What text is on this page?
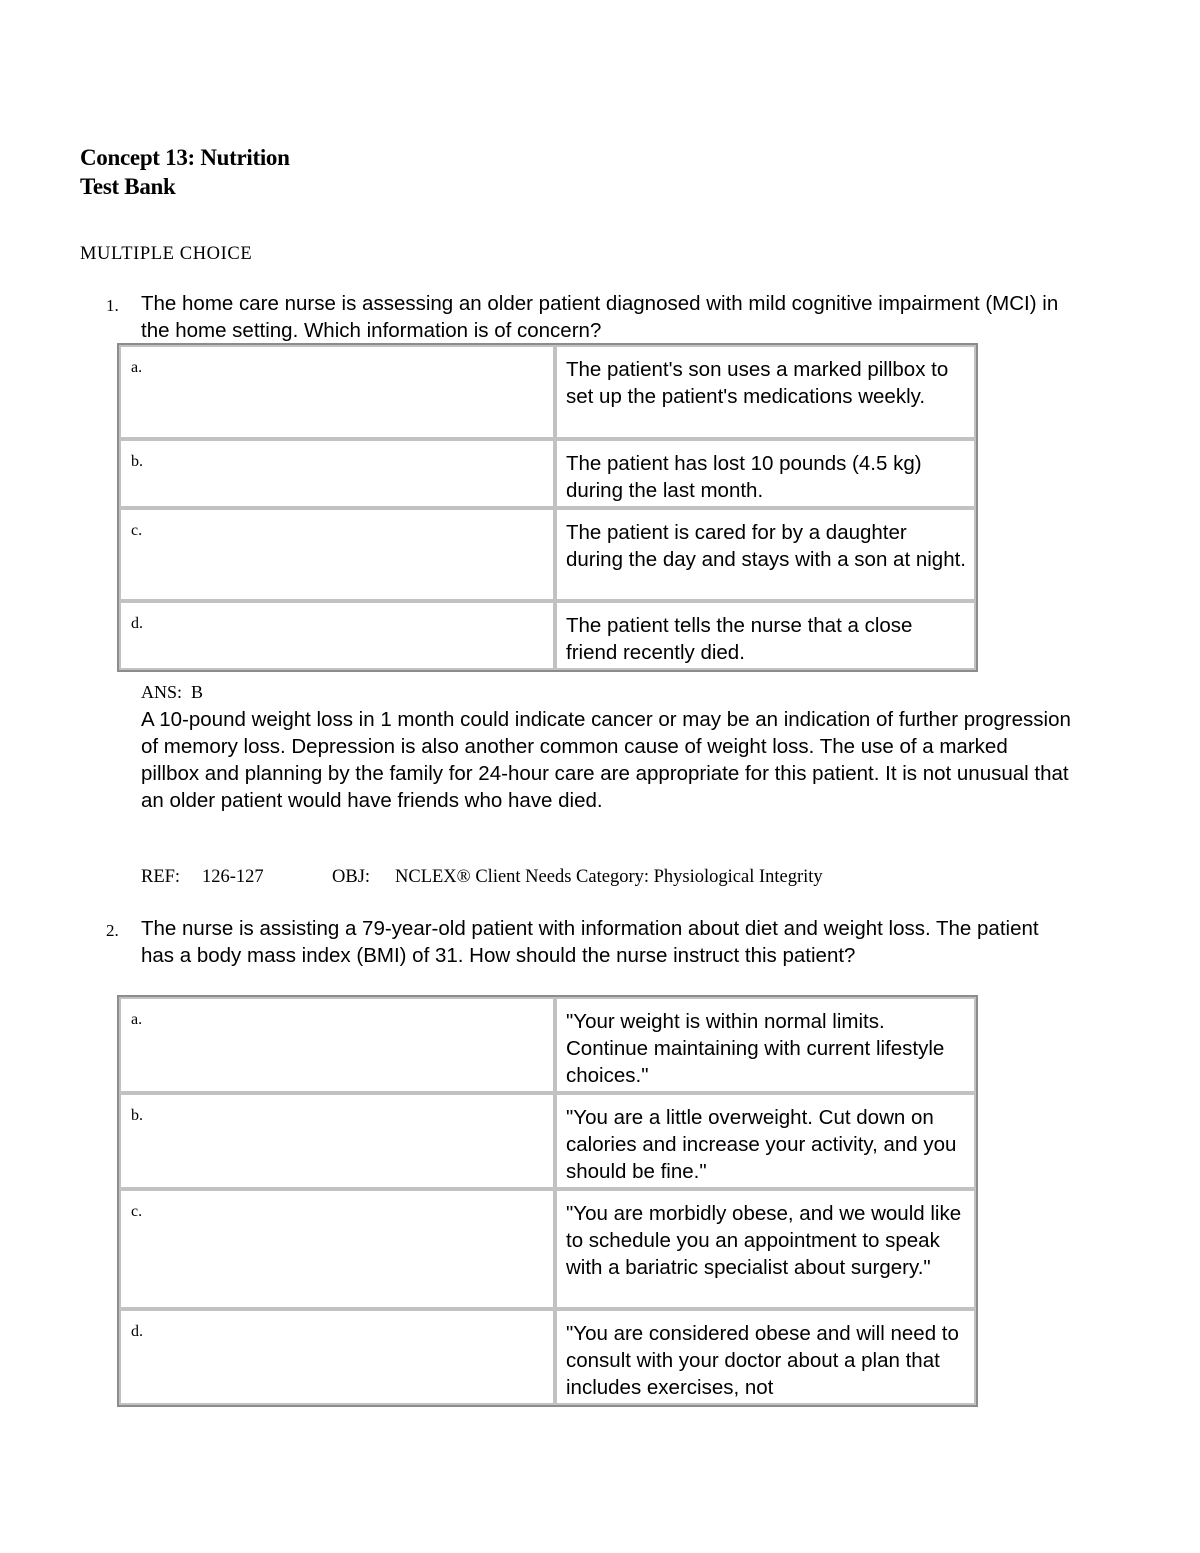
Concept 13: Nutrition
Test Bank
MULTIPLE CHOICE
1. The home care nurse is assessing an older patient diagnosed with mild cognitive impairment (MCI) in the home setting. Which information is of concern?
a.	The patient's son uses a marked pillbox to set up the patient's medications weekly.
b.	The patient has lost 10 pounds (4.5 kg) during the last month.
c.	The patient is cared for by a daughter during the day and stays with a son at night.
d.	The patient tells the nurse that a close friend recently died.
ANS: B
A 10-pound weight loss in 1 month could indicate cancer or may be an indication of further progression of memory loss. Depression is also another common cause of weight loss. The use of a marked pillbox and planning by the family for 24-hour care are appropriate for this patient. It is not unusual that an older patient would have friends who have died.
REF: 126-127	OBJ: NCLEX® Client Needs Category: Physiological Integrity
2. The nurse is assisting a 79-year-old patient with information about diet and weight loss. The patient has a body mass index (BMI) of 31. How should the nurse instruct this patient?
a.	"Your weight is within normal limits. Continue maintaining with current lifestyle choices."
b.	"You are a little overweight. Cut down on calories and increase your activity, and you should be fine."
c.	"You are morbidly obese, and we would like to schedule you an appointment to speak with a bariatric specialist about surgery."
d.	"You are considered obese and will need to consult with your doctor about a plan that includes exercises, not
